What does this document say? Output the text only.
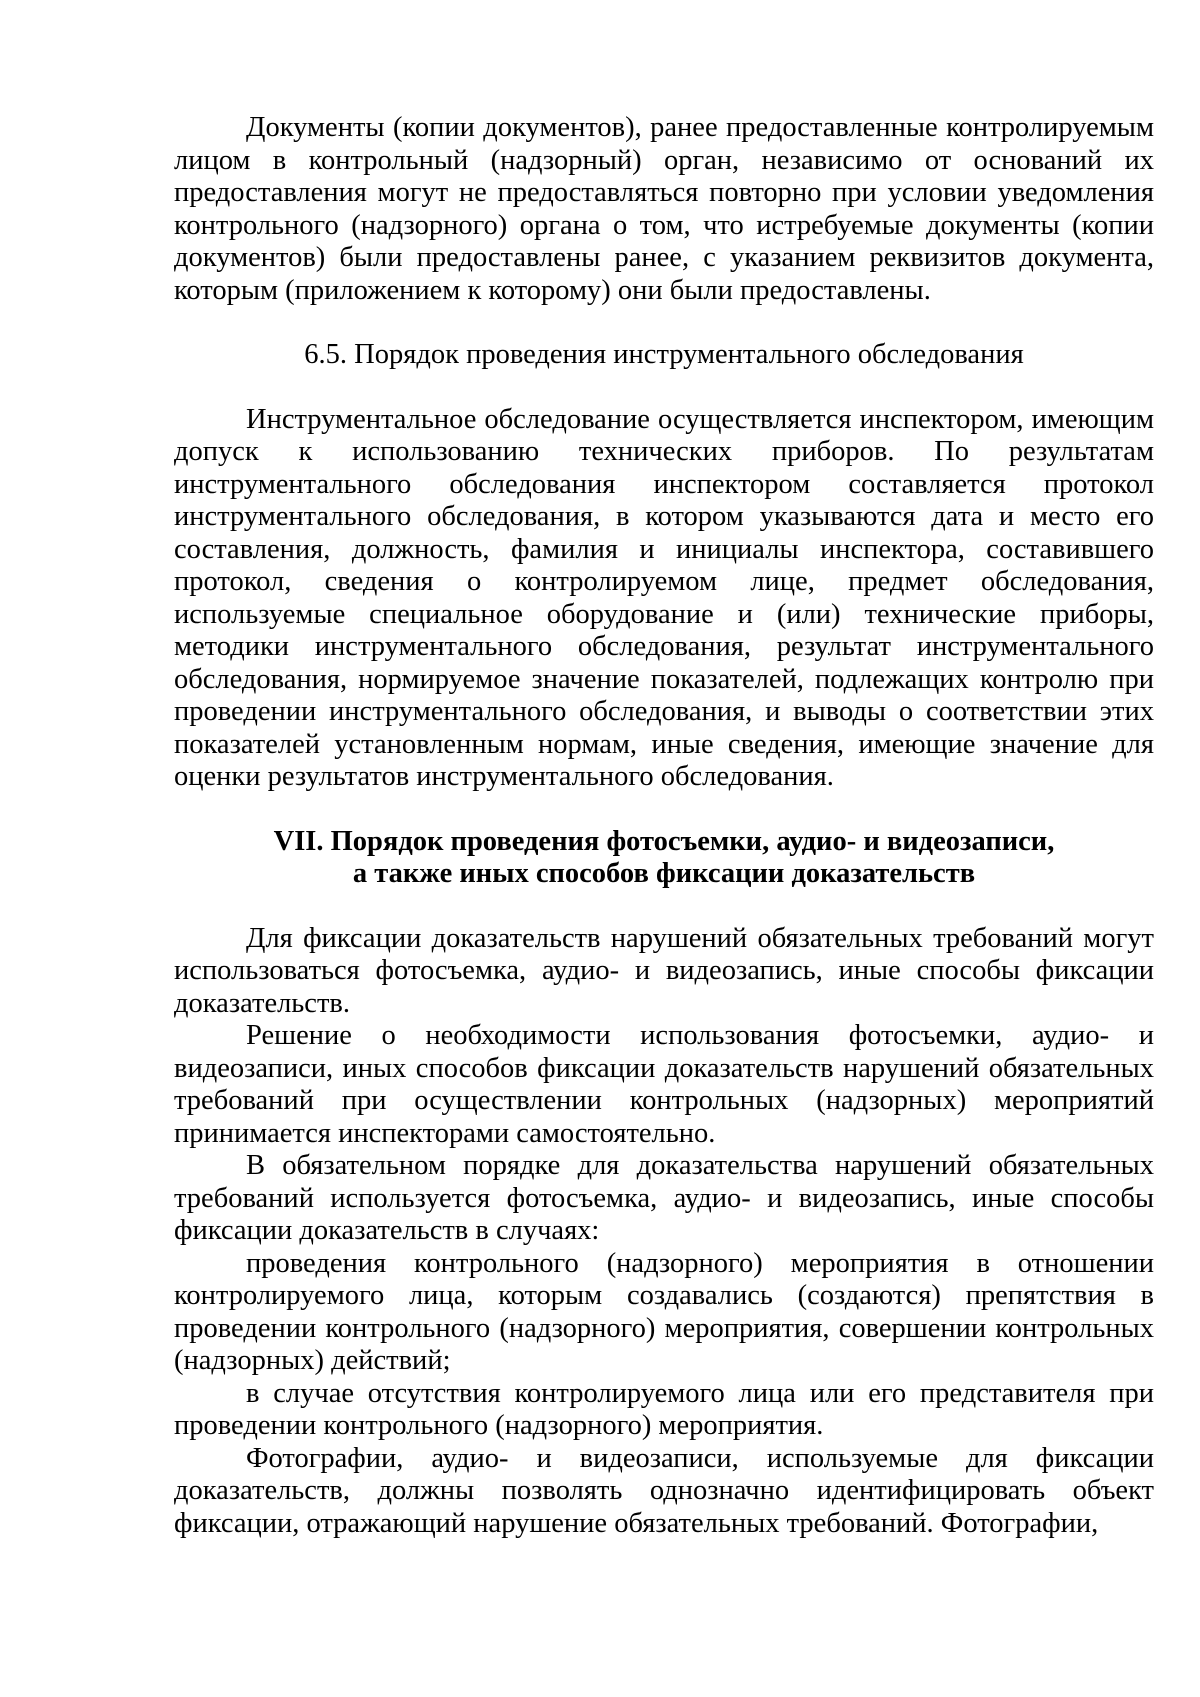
Документы (копии документов), ранее предоставленные контролируемым лицом в контрольный (надзорный) орган, независимо от оснований их предоставления могут не предоставляться повторно при условии уведомления контрольного (надзорного) органа о том, что истребуемые документы (копии документов) были предоставлены ранее, с указанием реквизитов документа, которым (приложением к которому) они были предоставлены.

6.5. Порядок проведения инструментального обследования

Инструментальное обследование осуществляется инспектором, имеющим допуск к использованию технических приборов. По результатам инструментального обследования инспектором составляется протокол инструментального обследования, в котором указываются дата и место его составления, должность, фамилия и инициалы инспектора, составившего протокол, сведения о контролируемом лице, предмет обследования, используемые специальное оборудование и (или) технические приборы, методики инструментального обследования, результат инструментального обследования, нормируемое значение показателей, подлежащих контролю при проведении инструментального обследования, и выводы о соответствии этих показателей установленным нормам, иные сведения, имеющие значение для оценки результатов инструментального обследования.

VII. Порядок проведения фотосъемки, аудио- и видеозаписи,
а также иных способов фиксации доказательств

Для фиксации доказательств нарушений обязательных требований могут использоваться фотосъемка, аудио- и видеозапись, иные способы фиксации доказательств.

Решение о необходимости использования фотосъемки, аудио- и видеозаписи, иных способов фиксации доказательств нарушений обязательных требований при осуществлении контрольных (надзорных) мероприятий принимается инспекторами самостоятельно.

В обязательном порядке для доказательства нарушений обязательных требований используется фотосъемка, аудио- и видеозапись, иные способы фиксации доказательств в случаях:

проведения контрольного (надзорного) мероприятия в отношении контролируемого лица, которым создавались (создаются) препятствия в проведении контрольного (надзорного) мероприятия, совершении контрольных (надзорных) действий;

в случае отсутствия контролируемого лица или его представителя при проведении контрольного (надзорного) мероприятия.

Фотографии, аудио- и видеозаписи, используемые для фиксации доказательств, должны позволять однозначно идентифицировать объект фиксации, отражающий нарушение обязательных требований. Фотографии,
